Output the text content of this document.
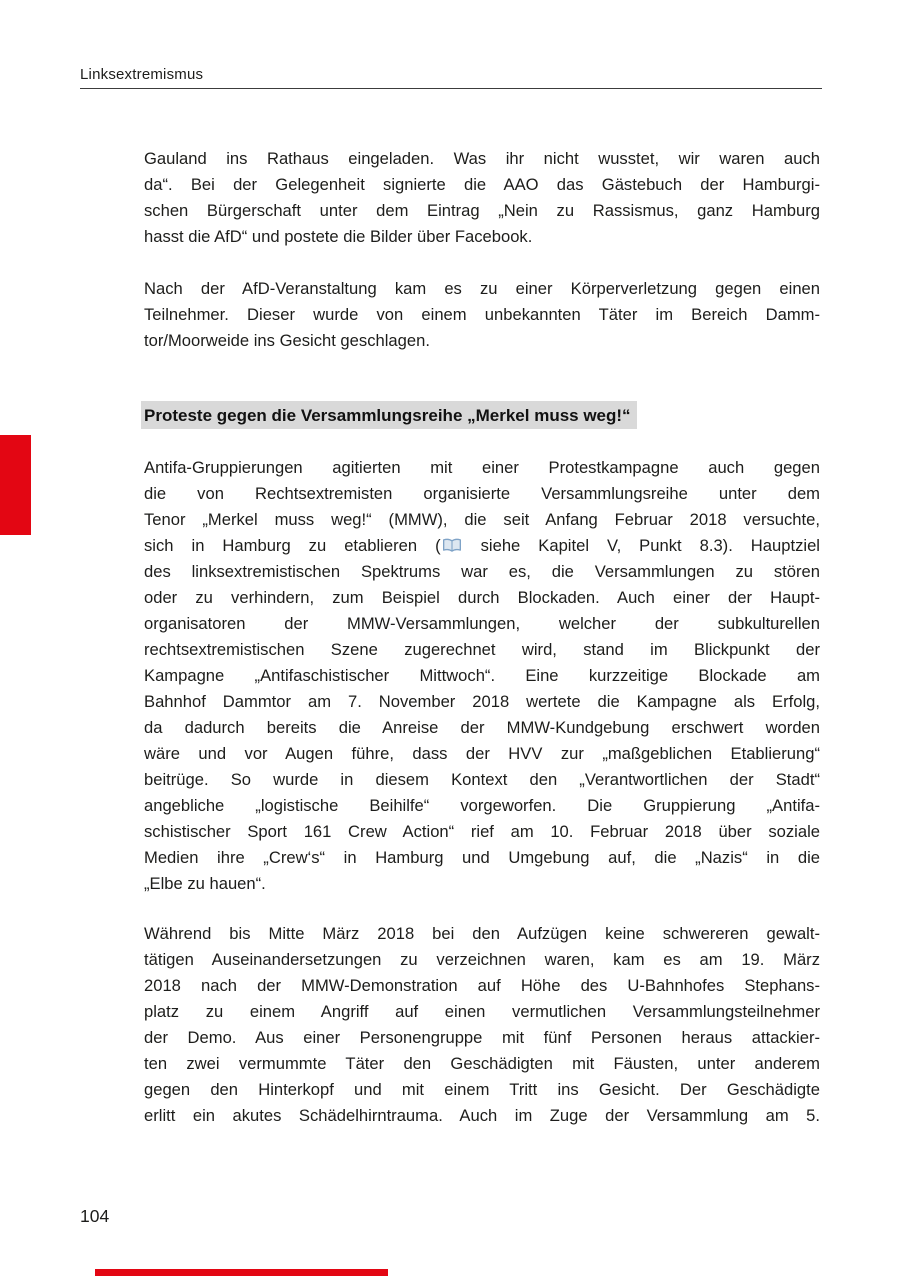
Linksextremismus
Gauland ins Rathaus eingeladen. Was ihr nicht wusstet, wir waren auch
da“. Bei der Gelegenheit signierte die AAO das Gästebuch der Hamburgi-
schen Bürgerschaft unter dem Eintrag „Nein zu Rassismus, ganz Hamburg
hasst die AfD“ und postete die Bilder über Facebook.
Nach der AfD-Veranstaltung kam es zu einer Körperverletzung gegen einen
Teilnehmer. Dieser wurde von einem unbekannten Täter im Bereich Damm-
tor/Moorweide ins Gesicht geschlagen.
Proteste gegen die Versammlungsreihe „Merkel muss weg!“
Antifa-Gruppierungen agitierten mit einer Protestkampagne auch gegen
die von Rechtsextremisten organisierte Versammlungsreihe unter dem
Tenor „Merkel muss weg!“ (MMW), die seit Anfang Februar 2018 versuchte,
sich in Hamburg zu etablieren ( siehe Kapitel V, Punkt 8.3). Hauptziel
des linksextremistischen Spektrums war es, die Versammlungen zu stören
oder zu verhindern, zum Beispiel durch Blockaden. Auch einer der Haupt-
organisatoren der MMW-Versammlungen, welcher der subkulturellen
rechtsextremistischen Szene zugerechnet wird, stand im Blickpunkt der
Kampagne „Antifaschistischer Mittwoch“. Eine kurzzeitige Blockade am
Bahnhof Dammtor am 7. November 2018 wertete die Kampagne als Erfolg,
da dadurch bereits die Anreise der MMW-Kundgebung erschwert worden
wäre und vor Augen führe, dass der HVV zur „maßgeblichen Etablierung“
beitrüge. So wurde in diesem Kontext den „Verantwortlichen der Stadt“
angebliche „logistische Beihilfe“ vorgeworfen. Die Gruppierung „Antifa-
schistischer Sport 161 Crew Action“ rief am 10. Februar 2018 über soziale
Medien ihre „Crew‘s“ in Hamburg und Umgebung auf, die „Nazis“ in die
„Elbe zu hauen“.
Während bis Mitte März 2018 bei den Aufzügen keine schwereren gewalt-
tätigen Auseinandersetzungen zu verzeichnen waren, kam es am 19. März
2018 nach der MMW-Demonstration auf Höhe des U-Bahnhofes Stephans-
platz zu einem Angriff auf einen vermutlichen Versammlungsteilnehmer
der Demo. Aus einer Personengruppe mit fünf Personen heraus attackier-
ten zwei vermummte Täter den Geschädigten mit Fäusten, unter anderem
gegen den Hinterkopf und mit einem Tritt ins Gesicht. Der Geschädigte
erlitt ein akutes Schädelhirntrauma. Auch im Zuge der Versammlung am 5.
104
